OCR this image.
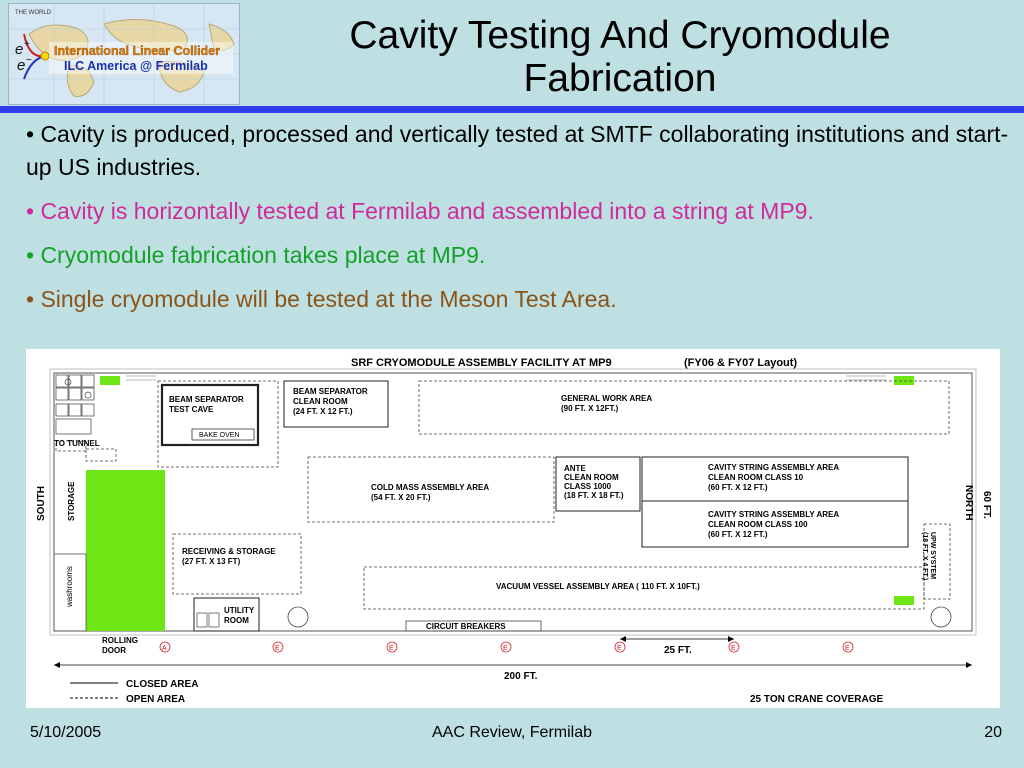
THE WORLD
e +
e −
International Linear Collider
ILC America @ Fermilab
Cavity Testing And Cryomodule Fabrication
• Cavity is produced, processed and vertically tested at SMTF collaborating institutions and start-up US industries.
• Cavity is horizontally tested at Fermilab and assembled into a string at MP9.
• Cryomodule fabrication takes place at MP9.
• Single cryomodule will be tested at the Meson Test Area.
SRF CRYOMODULE ASSEMBLY FACILITY AT MP9	(FY06 & FY07 Layout)
BEAM SEPARATOR
TEST CAVE
BAKE OVEN
BEAM SEPARATOR
CLEAN ROOM
(24 FT. X 12 FT.)
GENERAL WORK AREA
(90 FT. X 12FT.)
TO TUNNEL
SOUTH	STORAGE
washrooms
COLD MASS ASSEMBLY AREA
(54 FT. X 20 FT.)
ANTE
CLEAN ROOM
CLASS 1000
(18 FT. X 18 FT.)
CAVITY STRING ASSEMBLY AREA
CLEAN ROOM CLASS 10
(60 FT. X 12 FT.)
CAVITY STRING ASSEMBLY AREA
CLEAN ROOM CLASS 100
(60 FT. X 12 FT.)
NORTH 60 FT.
UPW SYSTEM
(18 FT. X 4 FT.)
RECEIVING & STORAGE
(27 FT. X 13 FT)
VACUUM VESSEL ASSEMBLY AREA ( 110 FT. X 10FT.)
UTILITY
ROOM
CIRCUIT BREAKERS
ROLLING
DOOR	A	E	E	E	E	E	E
25 FT.
200 FT.
CLOSED AREA
OPEN AREA	25 TON CRANE COVERAGE
5/10/2005	AAC Review, Fermilab	20
